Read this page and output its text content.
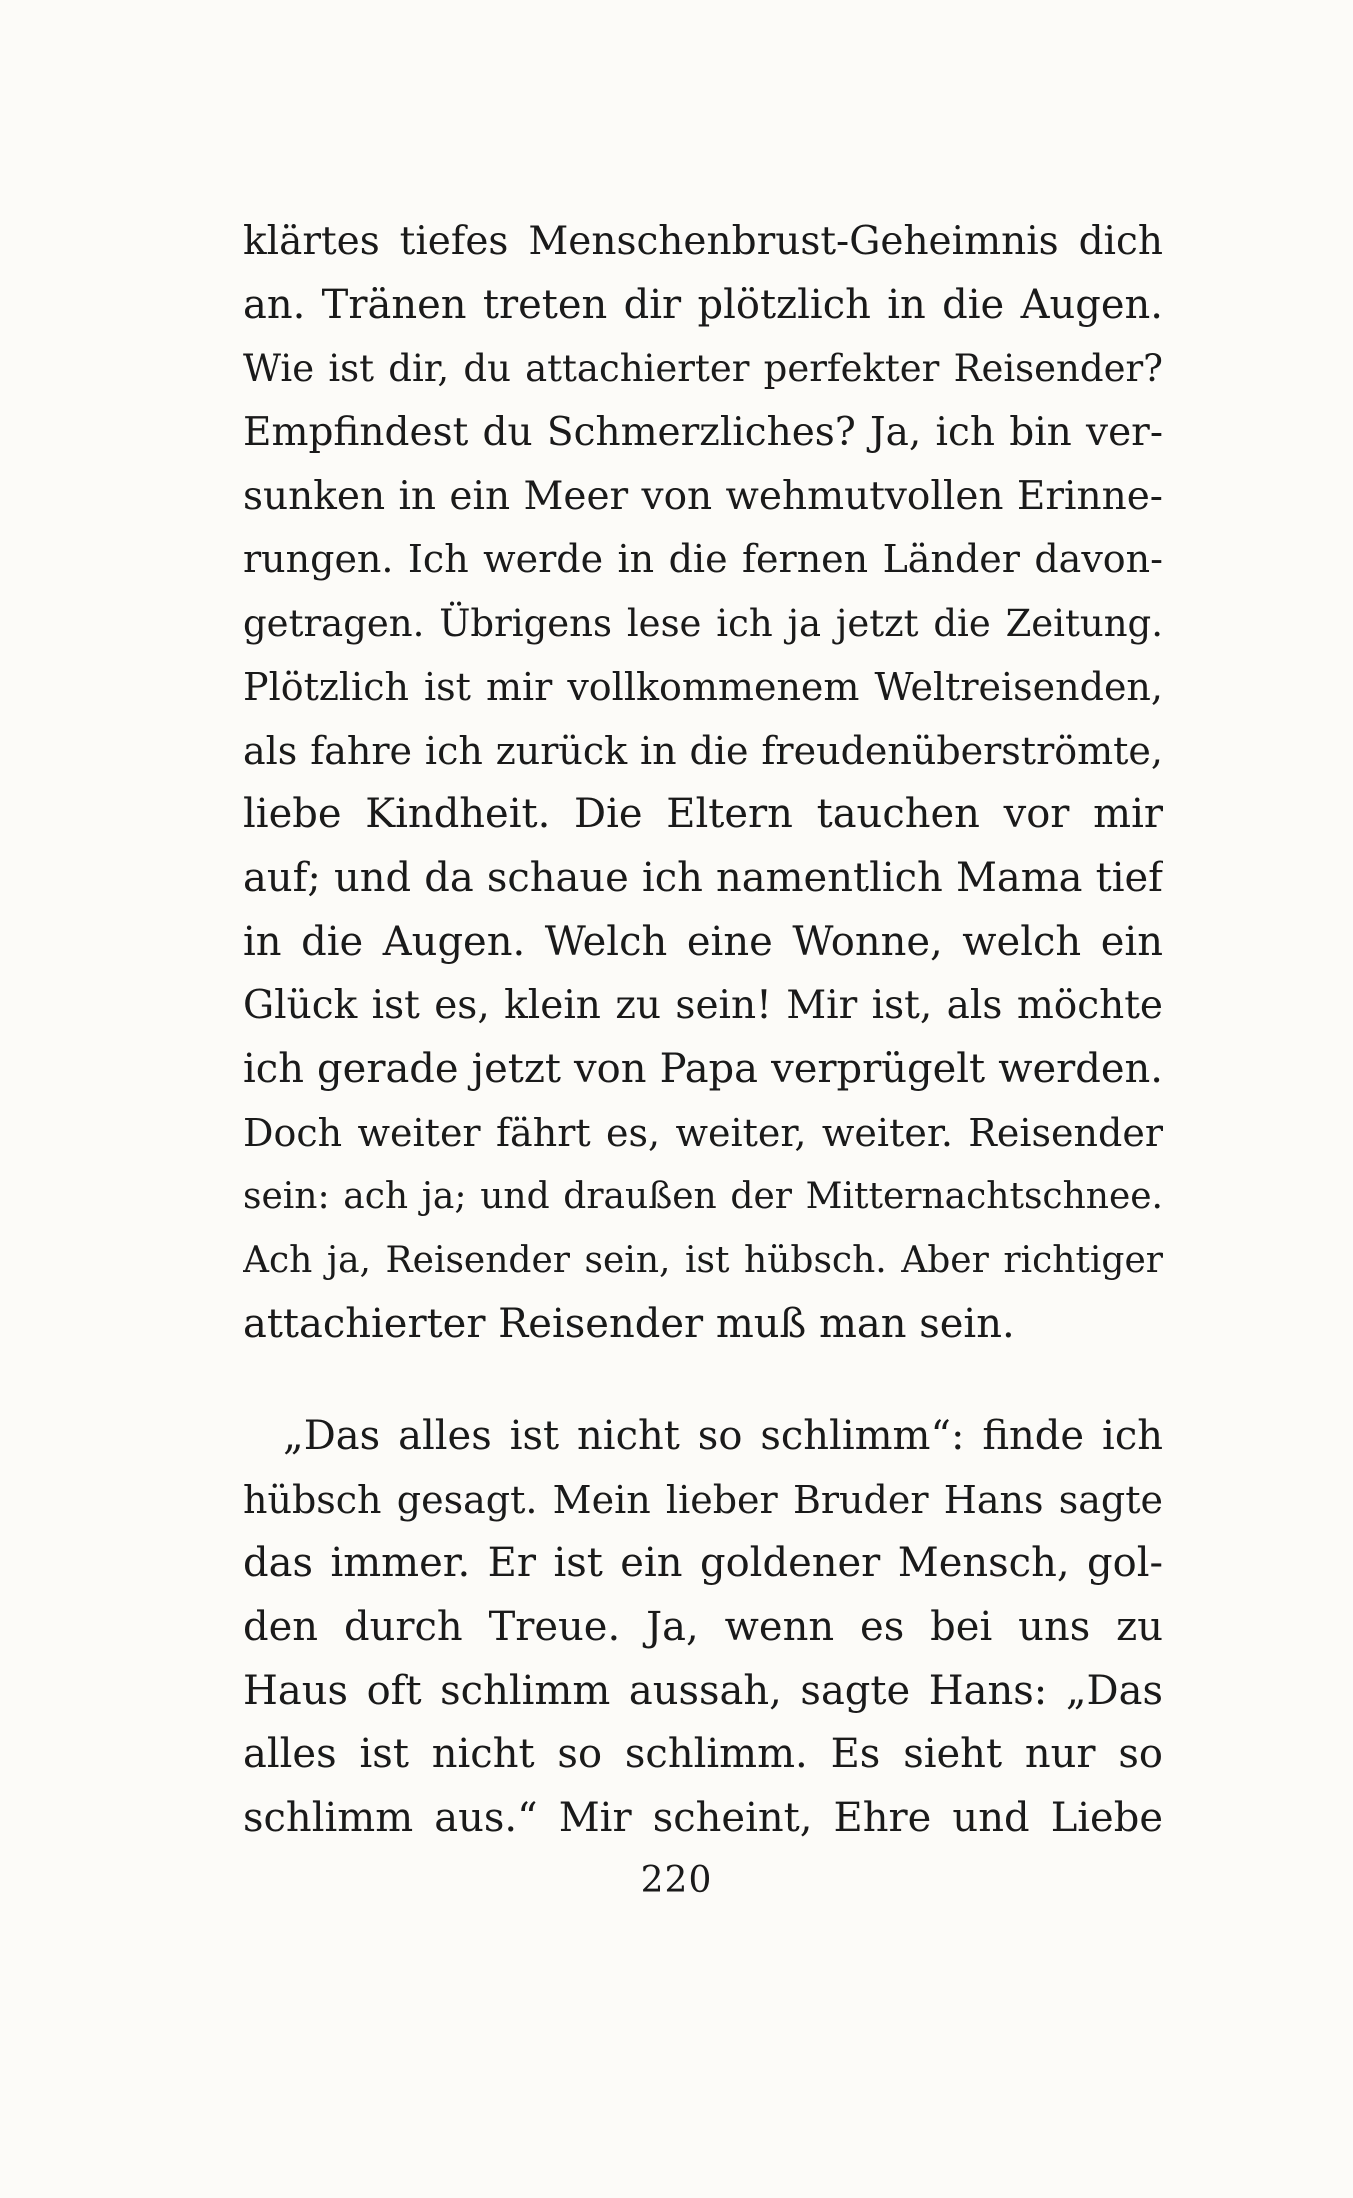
klärtes tiefes Menschenbrust-Geheimnis dich
an. Tränen treten dir plötzlich in die Augen.
Wie ist dir, du attachierter perfekter Reisender?
Empfindest du Schmerzliches? Ja, ich bin ver-
sunken in ein Meer von wehmutvollen Erinne-
rungen. Ich werde in die fernen Länder davon-
getragen. Übrigens lese ich ja jetzt die Zeitung.
Plötzlich ist mir vollkommenem Weltreisenden,
als fahre ich zurück in die freudenüberströmte,
liebe Kindheit. Die Eltern tauchen vor mir
auf; und da schaue ich namentlich Mama tief
in die Augen. Welch eine Wonne, welch ein
Glück ist es, klein zu sein! Mir ist, als möchte
ich gerade jetzt von Papa verprügelt werden.
Doch weiter fährt es, weiter, weiter. Reisender
sein: ach ja; und draußen der Mitternachtschnee.
Ach ja, Reisender sein, ist hübsch. Aber richtiger
attachierter Reisender muß man sein.
„Das alles ist nicht so schlimm“: finde ich
hübsch gesagt. Mein lieber Bruder Hans sagte
das immer. Er ist ein goldener Mensch, gol-
den durch Treue. Ja, wenn es bei uns zu
Haus oft schlimm aussah, sagte Hans: „Das
alles ist nicht so schlimm. Es sieht nur so
schlimm aus.“ Mir scheint, Ehre und Liebe
220
